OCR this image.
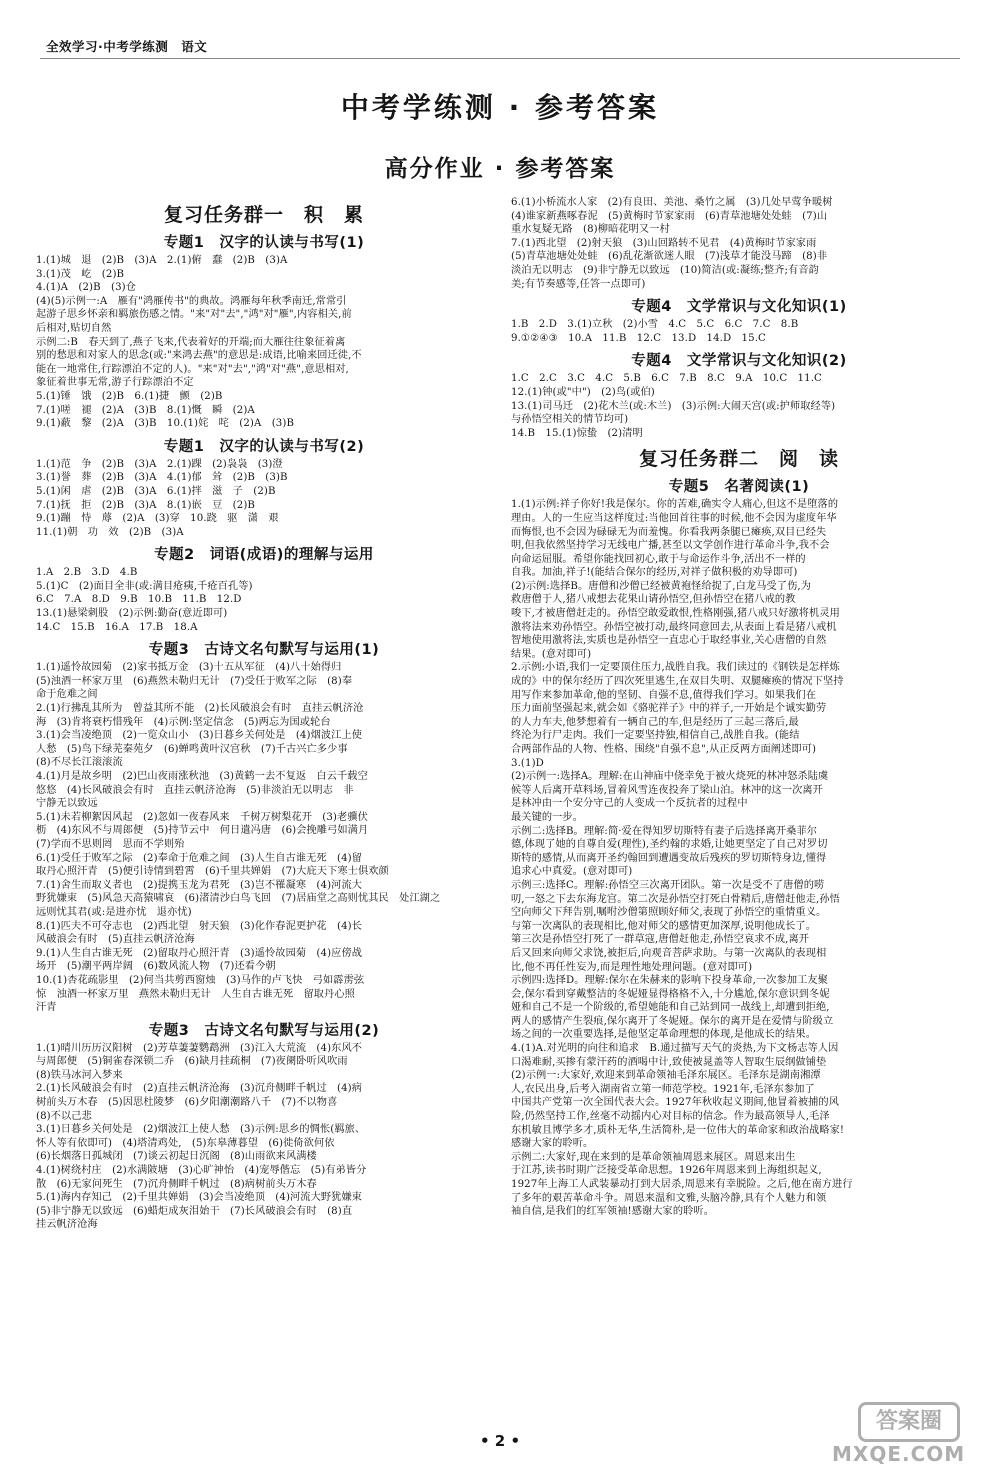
全效学习·中考学练测　语文
中考学练测 · 参考答案
高分作业 · 参考答案
复习任务群一　积　累
专题1　汉字的认读与书写(1)
1.(1)城　退　(2)B　(3)A　2.(1)俯　蠢　(2)B　(3)A
3.(1)茂　屹　(2)B
4.(1)A　(2)B　(3)仓
(4)(5)示例一:A　雁有"鸿雁传书"的典故。鸿雁每年秋季南迁,常常引
起游子思乡怀亲和羁旅伤感之情。"来"对"去","鸿"对"雁",内容相关,前
后相对,贴切自然
示例二:B　春天到了,燕子飞来,代表着好的开端;而大雁往往象征着离
别的愁思和对家人的思念(或:"来鸿去燕"的意思是:成语,比喻来回迁徙,不
能在一地常住,行踪漂泊不定的人)。"来"对"去","鸿"对"燕",意思相对,
象征着世事无常,游子行踪漂泊不定
5.(1)锤　饿　(2)B　6.(1)捷　颤　(2)B
7.(1)嗟　褪　(2)A　(3)B　8.(1)慨　瞬　(2)A
9.(1)蔽　黎　(2)A　(3)B　10.(1)姹　咤　(2)A　(3)B
专题1　汉字的认读与书写(2)
1.(1)范　争　(2)B　(3)A　2.(1)踝　(2)袅袅　(3)澄
3.(1)誉　葬　(2)B　(3)A　4.(1)郁　耸　(2)B　(3)B
5.(1)闲　虐　(2)B　(3)A　6.(1)拌　滋　子　(2)B
7.(1)抚　拒　(2)B　(3)A　8.(1)嵌　豆　(2)B
9.(1)蹦　恃　蓐　(2)A　(3)穿　10.跷　驱　潇　艰
11.(1)朝　功　效　(2)B　(3)A
专题2　词语(成语)的理解与运用
1.A　2.B　3.D　4.B
5.(1)C　(2)面目全非(或:满目疮痍,千疮百孔等)
6.C　7.A　8.D　9.B　10.B　11.B　12.D
13.(1)悬梁刺股　(2)示例:勤奋(意近即可)
14.C　15.B　16.A　17.B　18.A
专题3　古诗文名句默写与运用(1)
1.(1)遥怜故园菊　(2)家书抵万金　(3)十五从军征　(4)八十始得归
(5)浊酒一杯家万里　(6)燕然未勒归无计　(7)受任于败军之际　(8)奉
命于危难之间
2.(1)行拂乱其所为　曾益其所不能　(2)长风破浪会有时　直挂云帆济沧
海　(3)肯将衰朽惜残年　(4)示例:坚定信念　(5)两忘为国或轮台
3.(1)会当凌绝顶　(2)一览众山小　(3)日暮乡关何处是　(4)烟波江上使
人愁　(5)鸟下绿芜秦苑夕　(6)蝉鸣黄叶汉宫秋　(7)千古兴亡多少事
(8)不尽长江滚滚流
4.(1)月是故乡明　(2)巴山夜雨涨秋池　(3)黄鹤一去不复返　白云千载空
悠悠　(4)长风破浪会有时　直挂云帆济沧海　(5)非淡泊无以明志　非
宁静无以致远
5.(1)未若柳絮因风起　(2)忽如一夜春风来　千树万树梨花开　(3)老骥伏
枥　(4)东风不与周郎便　(5)持节云中　何日遣冯唐　(6)会挽雕弓如满月
(7)学而不思则罔　思而不学则殆
6.(1)受任于败军之际　(2)奉命于危难之间　(3)人生自古谁无死　(4)留
取丹心照汗青　(5)便引诗情到碧霄　(6)千里共婵娟　(7)大庇天下寒士俱欢颜
7.(1)舍生而取义者也　(2)提携玉龙为君死　(3)岂不罹凝寒　(4)河流大
野犹嫌束　(5)风急天高猿啸哀　(6)渚清沙白鸟飞回　(7)居庙堂之高则忧其民　处江湖之
远则忧其君(或:是进亦忧　退亦忧)
8.(1)匹夫不可夺志也　(2)西北望　射天狼　(3)化作春泥更护花　(4)长
风破浪会有时　(5)直挂云帆济沧海
9.(1)人生自古谁无死　(2)留取丹心照汗青　(3)遥怜故园菊　(4)应傍战
场开　(5)潮平两岸阔　(6)数风流人物　(7)还看今朝
10.(1)杏花疏影里　(2)何当共剪西窗烛　(3)马作的卢飞快　弓如霹雳弦
惊　浊酒一杯家万里　燕然未勒归无计　人生自古谁无死　留取丹心照
汗青
专题3　古诗文名句默写与运用(2)
1.(1)晴川历历汉阳树　(2)芳草萋萋鹦鹉洲　(3)江入大荒流　(4)东风不
与周郎便　(5)铜雀春深锁二乔　(6)缺月挂疏桐　(7)夜阑卧听风吹雨
(8)铁马冰河入梦来
2.(1)长风破浪会有时　(2)直挂云帆济沧海　(3)沉舟侧畔千帆过　(4)病
树前头万木春　(5)因思杜陵梦　(6)夕阳潮潮路八千　(7)不以物喜
(8)不以己悲
3.(1)日暮乡关何处是　(2)烟波江上使人愁　(3)示例:思乡的惆怅(羁旅、
怀人等有依即可)　(4)塔清鸡处,　(5)东皋薄暮望　(6)徙倚欲何依
(6)长烟落日孤城闭　(7)谈云初起日沉阁　(8)山雨欲来风满楼
4.(1)树绕村庄　(2)水满陂塘　(3)心旷神怡　(4)宠辱偕忘　(5)有弟皆分
散　(6)无家问死生　(7)沉舟侧畔千帆过　(8)病树前头万木春
5.(1)海内存知己　(2)千里共婵娟　(3)会当凌绝顶　(4)河流大野犹嫌束
(5)非宁静无以致远　(6)蜡炬成灰泪始干　(7)长风破浪会有时　(8)直
挂云帆济沧海
6.(1)小桥流水人家　(2)有良田、美池、桑竹之属　(3)几处早莺争暖树
(4)谁家新燕啄春泥　(5)黄梅时节家家雨　(6)青草池塘处处蛙　(7)山
重水复疑无路　(8)柳暗花明又一村
7.(1)西北望　(2)射天狼　(3)山回路转不见君　(4)黄梅时节家家雨
(5)青草池塘处处蛙　(6)乱花渐欲迷人眼　(7)浅草才能没马蹄　(8)非
淡泊无以明志　(9)非宁静无以致远　(10)简洁(或:凝练;整齐;有音韵
美;有节奏感等,任答一点即可)
专题4　文学常识与文化知识(1)
1.B　2.D　3.(1)立秋　(2)小雪　4.C　5.C　6.C　7.C　8.B
9.①②④③　10.A　11.B　12.C　13.D　14.D　15.C
专题4　文学常识与文化知识(2)
1.C　2.C　3.C　4.C　5.B　6.C　7.B　8.C　9.A　10.C　11.C
12.(1)钟(或"中")　(2)鸟(或伯)
13.(1)司马迁　(2)花木兰(或:木兰)　(3)示例:大闹天宫(或:护师取经等)
与孙悟空相关的情节均可)
14.B　15.(1)惊蛰　(2)清明
复习任务群二　阅　读
专题5　名著阅读(1)
1.(1)示例:祥子你好!我是保尔。你的苦难,确实令人痛心,但这不是堕落的
理由。人的一生应当这样度过:当他回首往事的时候,他不会因为虚度年华
而悔恨,也不会因为碌碌无为而羞愧。你看我两条腿已瘫痪,双目已经失
明,但我依然坚持学习无线电广播,甚至以文学创作进行革命斗争,我不会
向命运屈服。希望你能找回初心,敢于与命运作斗争,活出不一样的
自我。加油,祥子!(能结合保尔的经历,对祥子做积极的劝导即可)
(2)示例:选择B。唐僧和沙僧已经被黄袍怪给捉了,白龙马受了伤,为
救唐僧于人,猪八戒想去花果山请孙悟空,但孙悟空在猪八戒的教
唆下,才被唐僧赶走的。孙悟空敢爱敢恨,性格刚强,猪八戒只好激将机灵用
激将法来劝孙悟空。孙悟空被打动,最终同意回去,从表面上看是猪八戒机
智地使用激将法,实质也是孙悟空一直忠心于取经事业,关心唐僧的自然
结果。(意对即可)
2.示例:小语,我们一定要顶住压力,战胜自我。我们读过的《钢铁是怎样炼
成的》中的保尔经历了四次死里逃生,在双目失明、双腿瘫痪的情况下坚持
用写作来参加革命,他的坚韧、自强不息,值得我们学习。如果我们在
压力面前坚强起来,就会如《骆驼祥子》中的祥子,一开始是个诚实勤劳
的人力车夫,他梦想着有一辆自己的车,但是经历了三起三落后,最
终沦为行尸走肉。我们一定要坚持独,相信自己,战胜自我。(能结
合两部作品的人物、性格、围绕"自强不息",从正反两方面阐述即可)
3.(1)D
(2)示例一:选择A。理解:在山神庙中侥幸免于被火烧死的林冲怒杀陆虞
候等人后离开草料场,冒着风雪连夜投奔了梁山泊。林冲的这一次离开
是林冲由一个安分守己的人变成一个反抗者的过程中
最关键的一步。
示例二:选择B。理解:简·爱在得知罗切斯特有妻子后选择离开桑菲尔
德,体现了她的自尊自爱(理性),圣约翰的求婚,让她更坚定了自己对罗切
斯特的感情,从而离开圣约翰回到遭遇变故后残疾的罗切斯特身边,懂得
追求心中真爱。(意对即可)
示例三:选择C。理解:孙悟空三次离开团队。第一次是受不了唐僧的唠
叨,一怒之下去东海龙宫。第二次是孙悟空打死白骨精后,唐僧赶他走,孙悟
空向师父下拜告别,嘱咐沙僧第照顾好师父,表现了孙悟空的重情重义。
与第一次离队的表现相比,他对师父的感情更加深厚,说明他成长了。
第三次是孙悟空打死了一群草寇,唐僧赶他走,孙悟空哀求不成,离开
后又回来向师父求饶,被拒后,向观音菩萨求助。与第一次离队的表现相
比,他不再任性妄为,而是理性地处理问题。(意对即可)
示例四:选择D。理解:保尔在朱赫来的影响下投身革命,一次参加工友聚
会,保尔看到穿戴整洁的冬妮娅显得格格不入,十分尴尬,保尔意识到冬妮
娅和自己不是一个阶级的,希望她能和自己站到同一战线上,却遭到拒绝,
两人的感情产生裂痕,保尔离开了冬妮娅。保尔的离开是在爱情与阶级立
场之间的一次重要选择,是他坚定革命理想的体现,是他成长的结果。
4.(1)A.对光明的向往和追求　B.通过描写天气的炎热,为下文杨志等人因
口渴难耐,买掺有蒙汗药的酒喝中计,致使被晁盖等人智取生辰纲做铺垫
(2)示例一:大家好,欢迎来到革命领袖毛泽东展区。毛泽东是湖南湘潭
人,农民出身,后考入湖南省立第一师范学校。1921年,毛泽东参加了
中国共产党第一次全国代表大会。1927年秋收起义期间,他冒着被捕的风
险,仍然坚持工作,丝毫不动摇内心对目标的信念。作为最高领导人,毛泽
东机敏且博学多才,质朴无华,生活简朴,是一位伟大的革命家和政治战略家!
感谢大家的聆听。
示例二:大家好,现在来到的是革命领袖周恩来展区。周恩来出生
于江苏,读书时期广泛接受革命思想。1926年周恩来到上海组织起义,
1927年上海工人武装暴动打到大居杀,周恩来有幸脱险。之后,他在南方进行
了多年的艰苦革命斗争。周恩来温和文雅,头脑冷静,具有个人魅力和领
袖自信,是我们的红军领袖!感谢大家的聆听。
• 2 •
答案圈
MXQE.COM
